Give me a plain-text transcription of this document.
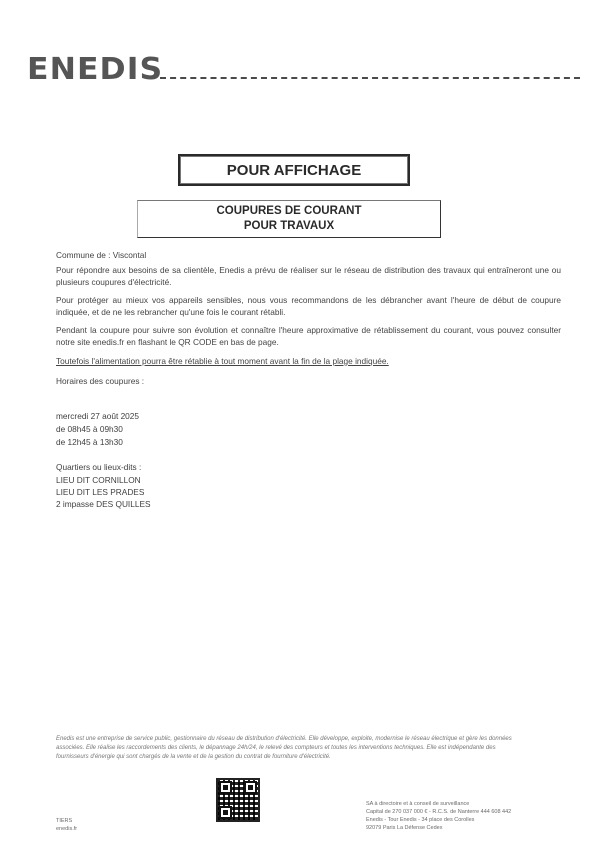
ENEDIS
POUR AFFICHAGE
COUPURES DE COURANT
POUR TRAVAUX
Commune de : Viscontal
Pour répondre aux besoins de sa clientèle, Enedis a prévu de réaliser sur le réseau de distribution des travaux qui entraîneront une ou plusieurs coupures d'électricité.
Pour protéger au mieux vos appareils sensibles, nous vous recommandons de les débrancher avant l'heure de début de coupure indiquée, et de ne les rebrancher qu'une fois le courant rétabli.
Pendant la coupure pour suivre son évolution et connaître l'heure approximative de rétablissement du courant, vous pouvez consulter notre site enedis.fr en flashant le QR CODE en bas de page.
Toutefois l'alimentation pourra être rétablie à tout moment avant la fin de la plage indiquée.
Horaires des coupures :
mercredi 27 août 2025
de 08h45 à 09h30
de 12h45 à 13h30
Quartiers ou lieux-dits :
LIEU DIT CORNILLON
LIEU DIT LES PRADES
2 impasse DES QUILLES
Enedis est une entreprise de service public, gestionnaire du réseau de distribution d'électricité. Elle développe, exploite, modernise le réseau électrique et gère les données
associées. Elle réalise les raccordements des clients, le dépannage 24h/24, le relevé des compteurs et toutes les interventions techniques. Elle est indépendante des
fournisseurs d'énergie qui sont chargés de la vente et de la gestion du contrat de fourniture d'électricité.
TIERS
enedis.fr
SA à directoire et à conseil de surveillance
Capital de 270 037 000 € - R.C.S. de Nanterre 444 608 442
Enedis - Tour Enedis - 34 place des Corolles
92079 Paris La Défense Cedex
